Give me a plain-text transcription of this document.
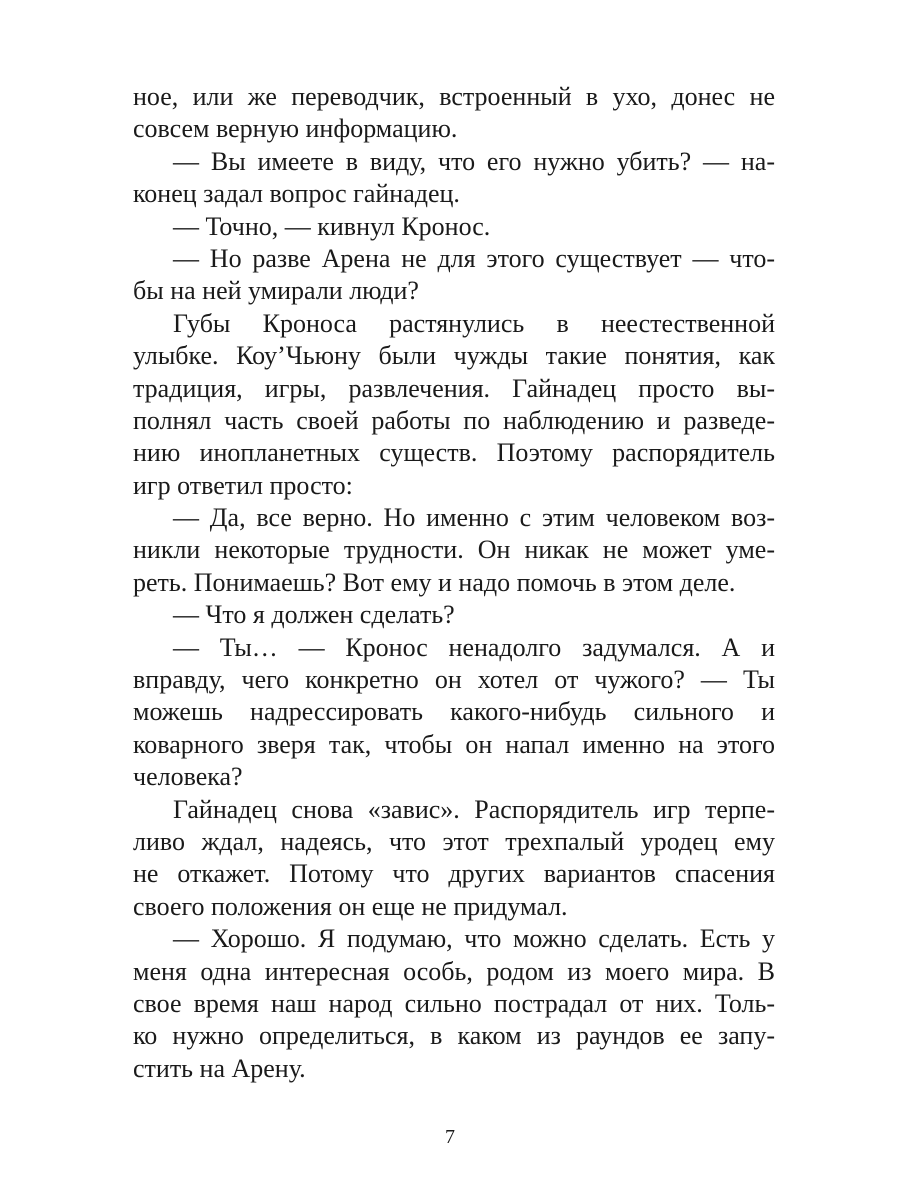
ное, или же переводчик, встроенный в ухо, донес не
совсем верную информацию.
— Вы имеете в виду, что его нужно убить? — на-
конец задал вопрос гайнадец.
— Точно, — кивнул Кронос.
— Но разве Арена не для этого существует — что-
бы на ней умирали люди?
Губы Кроноса растянулись в неестественной
улыбке. Коу’Чьюну были чужды такие понятия, как
традиция, игры, развлечения. Гайнадец просто вы-
полнял часть своей работы по наблюдению и разведе-
нию инопланетных существ. Поэтому распорядитель
игр ответил просто:
— Да, все верно. Но именно с этим человеком воз-
никли некоторые трудности. Он никак не может уме-
реть. Понимаешь? Вот ему и надо помочь в этом деле.
— Что я должен сделать?
— Ты… — Кронос ненадолго задумался. А и
вправду, чего конкретно он хотел от чужого? — Ты
можешь надрессировать какого-нибудь сильного и
коварного зверя так, чтобы он напал именно на этого
человека?
Гайнадец снова «завис». Распорядитель игр терпе-
ливо ждал, надеясь, что этот трехпалый уродец ему
не откажет. Потому что других вариантов спасения
своего положения он еще не придумал.
— Хорошо. Я подумаю, что можно сделать. Есть у
меня одна интересная особь, родом из моего мира. В
свое время наш народ сильно пострадал от них. Толь-
ко нужно определиться, в каком из раундов ее запу-
стить на Арену.
7
